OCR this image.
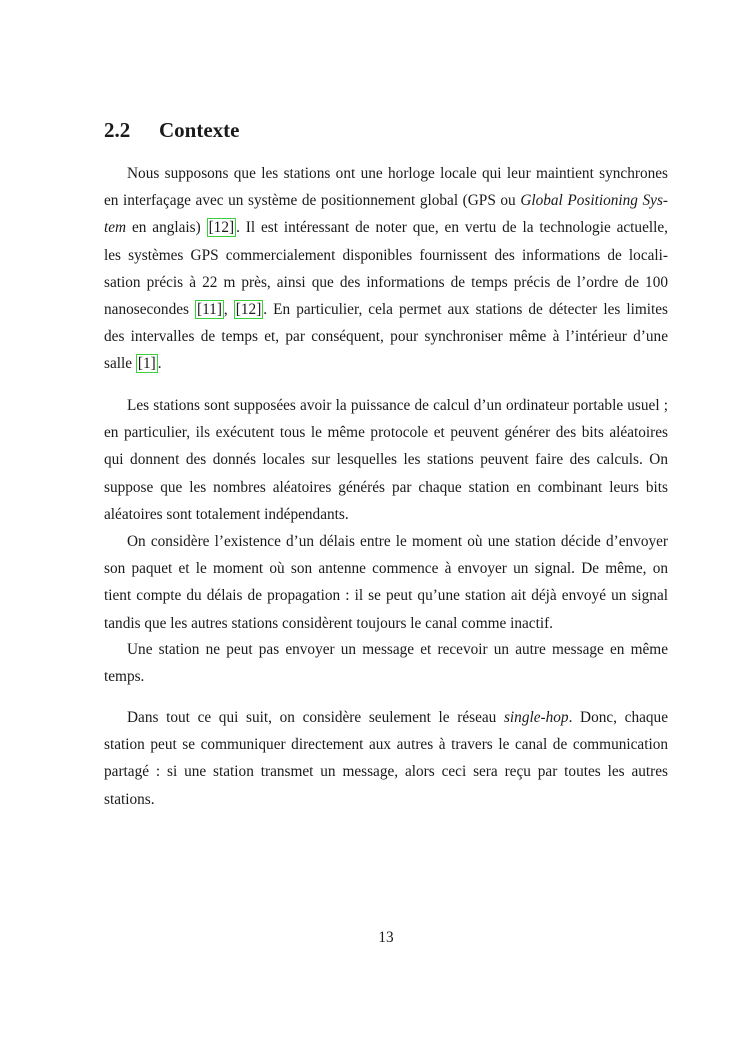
2.2 Contexte
Nous supposons que les stations ont une horloge locale qui leur maintient synchrones
en interfaçage avec un système de positionnement global (GPS ou Global Positioning Sys-
tem en anglais) [12] . Il est intéressant de noter que, en vertu de la technologie actuelle,
les systèmes GPS commercialement disponibles fournissent des informations de locali-
sation précis à 22 m près, ainsi que des informations de temps précis de l’ordre de 100
nanosecondes [11] , [12] . En particulier, cela permet aux stations de détecter les limites
des intervalles de temps et, par conséquent, pour synchroniser même à l’intérieur d’une
salle [1] .
Les stations sont supposées avoir la puissance de calcul d’un ordinateur portable usuel ;
en particulier, ils exécutent tous le même protocole et peuvent générer des bits aléatoires
qui donnent des donnés locales sur lesquelles les stations peuvent faire des calculs. On
suppose que les nombres aléatoires générés par chaque station en combinant leurs bits
aléatoires sont totalement indépendants.
On considère l’existence d’un délais entre le moment où une station décide d’envoyer
son paquet et le moment où son antenne commence à envoyer un signal. De même, on
tient compte du délais de propagation : il se peut qu’une station ait déjà envoyé un signal
tandis que les autres stations considèrent toujours le canal comme inactif.
Une station ne peut pas envoyer un message et recevoir un autre message en même
temps.
Dans tout ce qui suit, on considère seulement le réseau single-hop. Donc, chaque
station peut se communiquer directement aux autres à travers le canal de communication
partagé : si une station transmet un message, alors ceci sera reçu par toutes les autres
stations.
13
